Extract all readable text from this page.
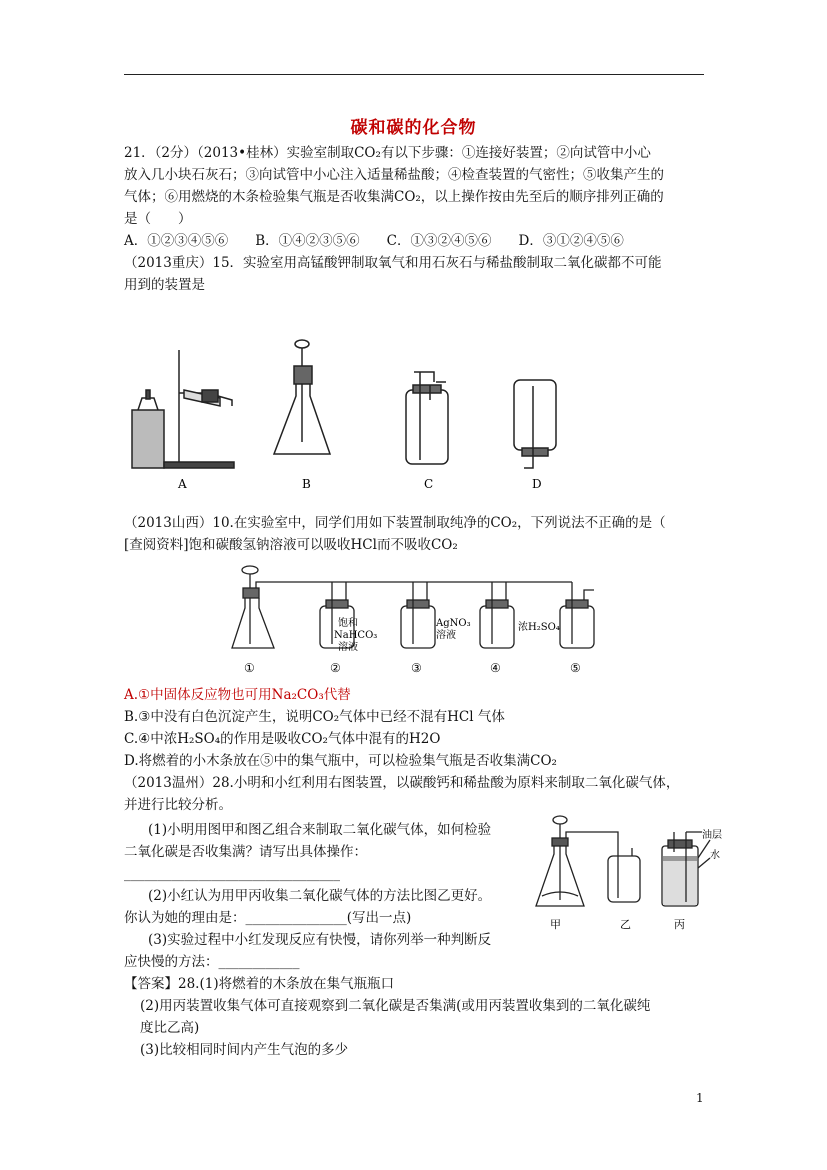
碳和碳的化合物
21．（2分）（2013•桂林）实验室制取CO₂有以下步骤：①连接好装置；②向试管中小心
放入几小块石灰石；③向试管中小心注入适量稀盐酸；④检查装置的气密性；⑤收集产生的
气体；⑥用燃烧的木条检验集气瓶是否收集满CO₂，以上操作按由先至后的顺序排列正确的
是（　　）
A．①②③④⑤⑥　　B．①④②③⑤⑥　　C．①③②④⑤⑥　　D．③①②④⑤⑥
（2013重庆）15．实验室用高锰酸钾制取氧气和用石灰石与稀盐酸制取二氧化碳都不可能
用到的装置是
A	B	C	D
（2013山西）10.在实验室中，同学们用如下装置制取纯净的CO₂，下列说法不正确的是（
[查阅资料]饱和碳酸氢钠溶液可以吸收HCl而不吸收CO₂
饱和
NaHCO₃
溶液
AgNO₃
溶液
浓H₂SO₄
①	②	③	④	⑤
A.①中固体反应物也可用Na₂CO₃代替
B.③中没有白色沉淀产生，说明CO₂气体中已经不混有HCl 气体
C.④中浓H₂SO₄的作用是吸收CO₂气体中混有的H2O
D.将燃着的小木条放在⑤中的集气瓶中，可以检验集气瓶是否收集满CO₂
（2013温州）28.小明和小红利用右图装置，以碳酸钙和稀盐酸为原料来制取二氧化碳气体，
并进行比较分析。
(1)小明用图甲和图乙组合来制取二氧化碳气体，如何检验
二氧化碳是否收集满？请写出具体操作：
________________________________
(2)小红认为用甲丙收集二氧化碳气体的方法比图乙更好。
你认为她的理由是：_______________(写出一点)
(3)实验过程中小红发现反应有快慢，请你列举一种判断反
应快慢的方法：____________
甲	乙	丙
油层
水
【答案】28.(1)将燃着的木条放在集气瓶瓶口
(2)用丙装置收集气体可直接观察到二氧化碳是否集满(或用丙装置收集到的二氧化碳纯
度比乙高)
(3)比较相同时间内产生气泡的多少
1
